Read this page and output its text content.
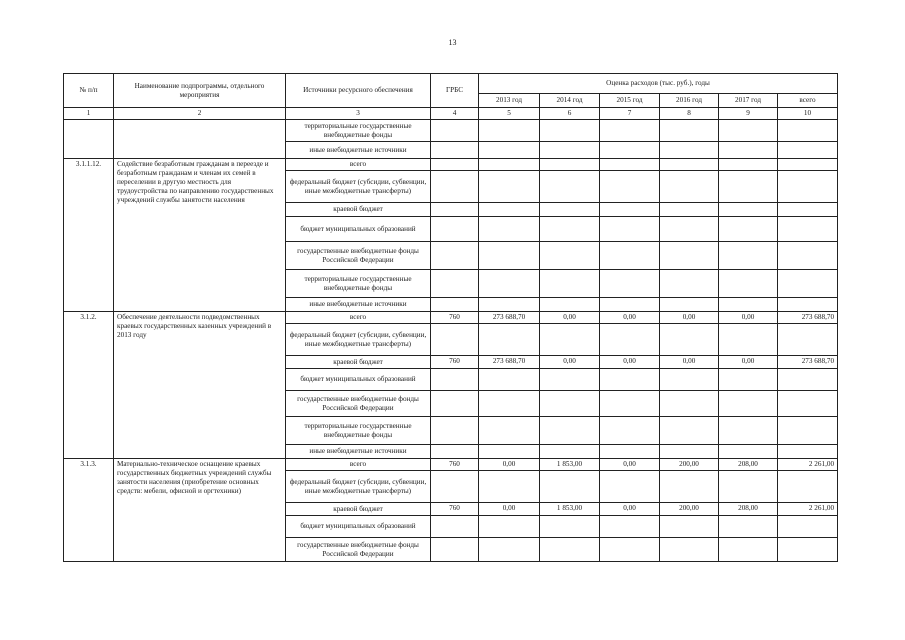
13
№ п/п	Наименование подпрограммы, отдельного мероприятия	Источники ресурсного обеспечения	ГРБС	Оценка расходов (тыс. руб.), годы					
				2013 год	2014 год	2015 год	2016 год	2017 год	всего
1	2	3	4	5	6	7	8	9	10
		территориальные государственные внебюджетные фонды							
		иные внебюджетные источники							
3.1.1.12.	Содействие безработным гражданам в переезде и безработным гражданам и членам их семей в переселении в другую местность для трудоустройства по направлению государственных учреждений службы занятости населения	всего							
		федеральный бюджет (субсидии, субвенции, иные межбюджетные трансферты)							
		краевой бюджет							
		бюджет муниципальных образований							
		государственные внебюджетные фонды Российской Федерации							
		территориальные государственные внебюджетные фонды							
		иные внебюджетные источники							
3.1.2.	Обеспечение деятельности подведомственных краевых государственных казенных учреждений в 2013 году	всего	760	273 688,70	0,00	0,00	0,00	0,00	273 688,70
		федеральный бюджет (субсидии, субвенции, иные межбюджетные трансферты)							
		краевой бюджет	760	273 688,70	0,00	0,00	0,00	0,00	273 688,70
		бюджет муниципальных образований							
		государственные внебюджетные фонды Российской Федерации							
		территориальные государственные внебюджетные фонды							
		иные внебюджетные источники							
3.1.3.	Материально-техническое оснащение краевых государственных бюджетных учреждений службы занятости населения (приобретение основных средств: мебели, офисной и оргтехники)	всего	760	0,00	1 853,00	0,00	200,00	208,00	2 261,00
		федеральный бюджет (субсидии, субвенции, иные межбюджетные трансферты)							
		краевой бюджет	760	0,00	1 853,00	0,00	200,00	208,00	2 261,00
		бюджет муниципальных образований							
		государственные внебюджетные фонды Российской Федерации							
